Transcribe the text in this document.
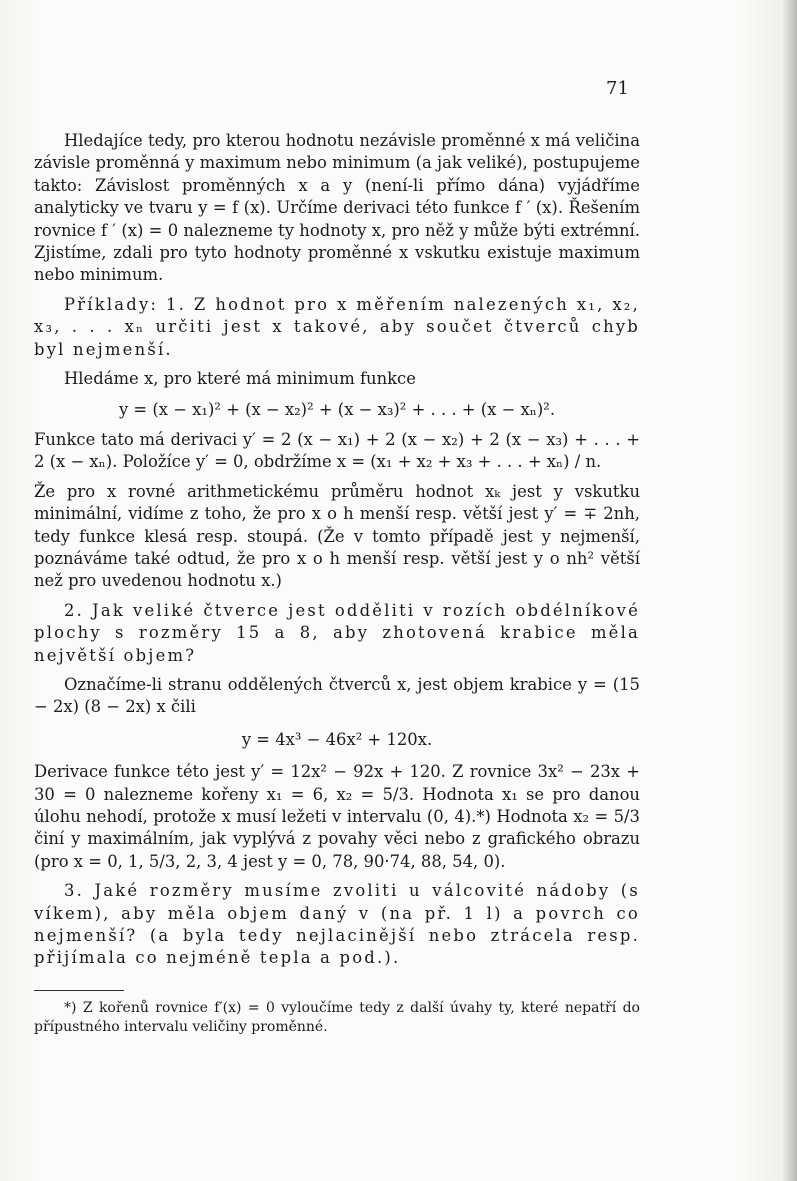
71

Hledajíce tedy, pro kterou hodnotu nezávisle proměnné x má veličina závisle proměnná y maximum nebo minimum (a jak veliké), postupujeme takto: Závislost proměnných x a y (není-li přímo dána) vyjádříme analyticky ve tvaru y = f (x). Určíme derivaci této funkce f ′ (x). Řešením rovnice f ′ (x) = 0 nalezneme ty hodnoty x, pro něž y může býti extrémní. Zjistíme, zdali pro tyto hodnoty proměnné x vskutku existuje maximum nebo minimum.

Příklady: 1. Z hodnot pro x měřením nalezených x₁, x₂, x₃, . . . xₙ určiti jest x takové, aby součet čtverců chyb byl nejmenší.

Hledáme x, pro které má minimum funkce

y = (x − x₁)² + (x − x₂)² + (x − x₃)² + . . . + (x − xₙ)².

Funkce tato má derivaci y′ = 2 (x − x₁) + 2 (x − x₂) + 2 (x − x₃) + . . . + 2 (x − xₙ). Položíce y′ = 0, obdržíme x = (x₁ + x₂ + x₃ + . . . + xₙ) / n.

Že pro x rovné arithmetickému průměru hodnot xₖ jest y vskutku minimální, vidíme z toho, že pro x o h menší resp. větší jest y′ = ∓ 2nh, tedy funkce klesá resp. stoupá. (Že v tomto případě jest y nejmenší, poznáváme také odtud, že pro x o h menší resp. větší jest y o nh² větší než pro uvedenou hodnotu x.)

2. Jak veliké čtverce jest odděliti v rozích obdélníkové plochy s rozměry 15 a 8, aby zhotovená krabice měla největší objem?

Označíme-li stranu oddělených čtverců x, jest objem krabice y = (15 − 2x) (8 − 2x) x čili

y = 4x³ − 46x² + 120x.

Derivace funkce této jest y′ = 12x² − 92x + 120. Z rovnice 3x² − 23x + 30 = 0 nalezneme kořeny x₁ = 6, x₂ = 5/3. Hodnota x₁ se pro danou úlohu nehodí, protože x musí ležeti v intervalu (0, 4).*) Hodnota x₂ = 5/3 činí y maximálním, jak vyplývá z povahy věci nebo z grafického obrazu (pro x = 0, 1, 5/3, 2, 3, 4 jest y = 0, 78, 90·74, 88, 54, 0).

3. Jaké rozměry musíme zvoliti u válcovité nádoby (s víkem), aby měla objem daný v (na př. 1 l) a povrch co nejmenší? (a byla tedy nejlacinější nebo ztrácela resp. přijímala co nejméně tepla a pod.).

*) Z kořenů rovnice f′(x) = 0 vyloučíme tedy z další úvahy ty, které nepatří do přípustného intervalu veličiny proměnné.
